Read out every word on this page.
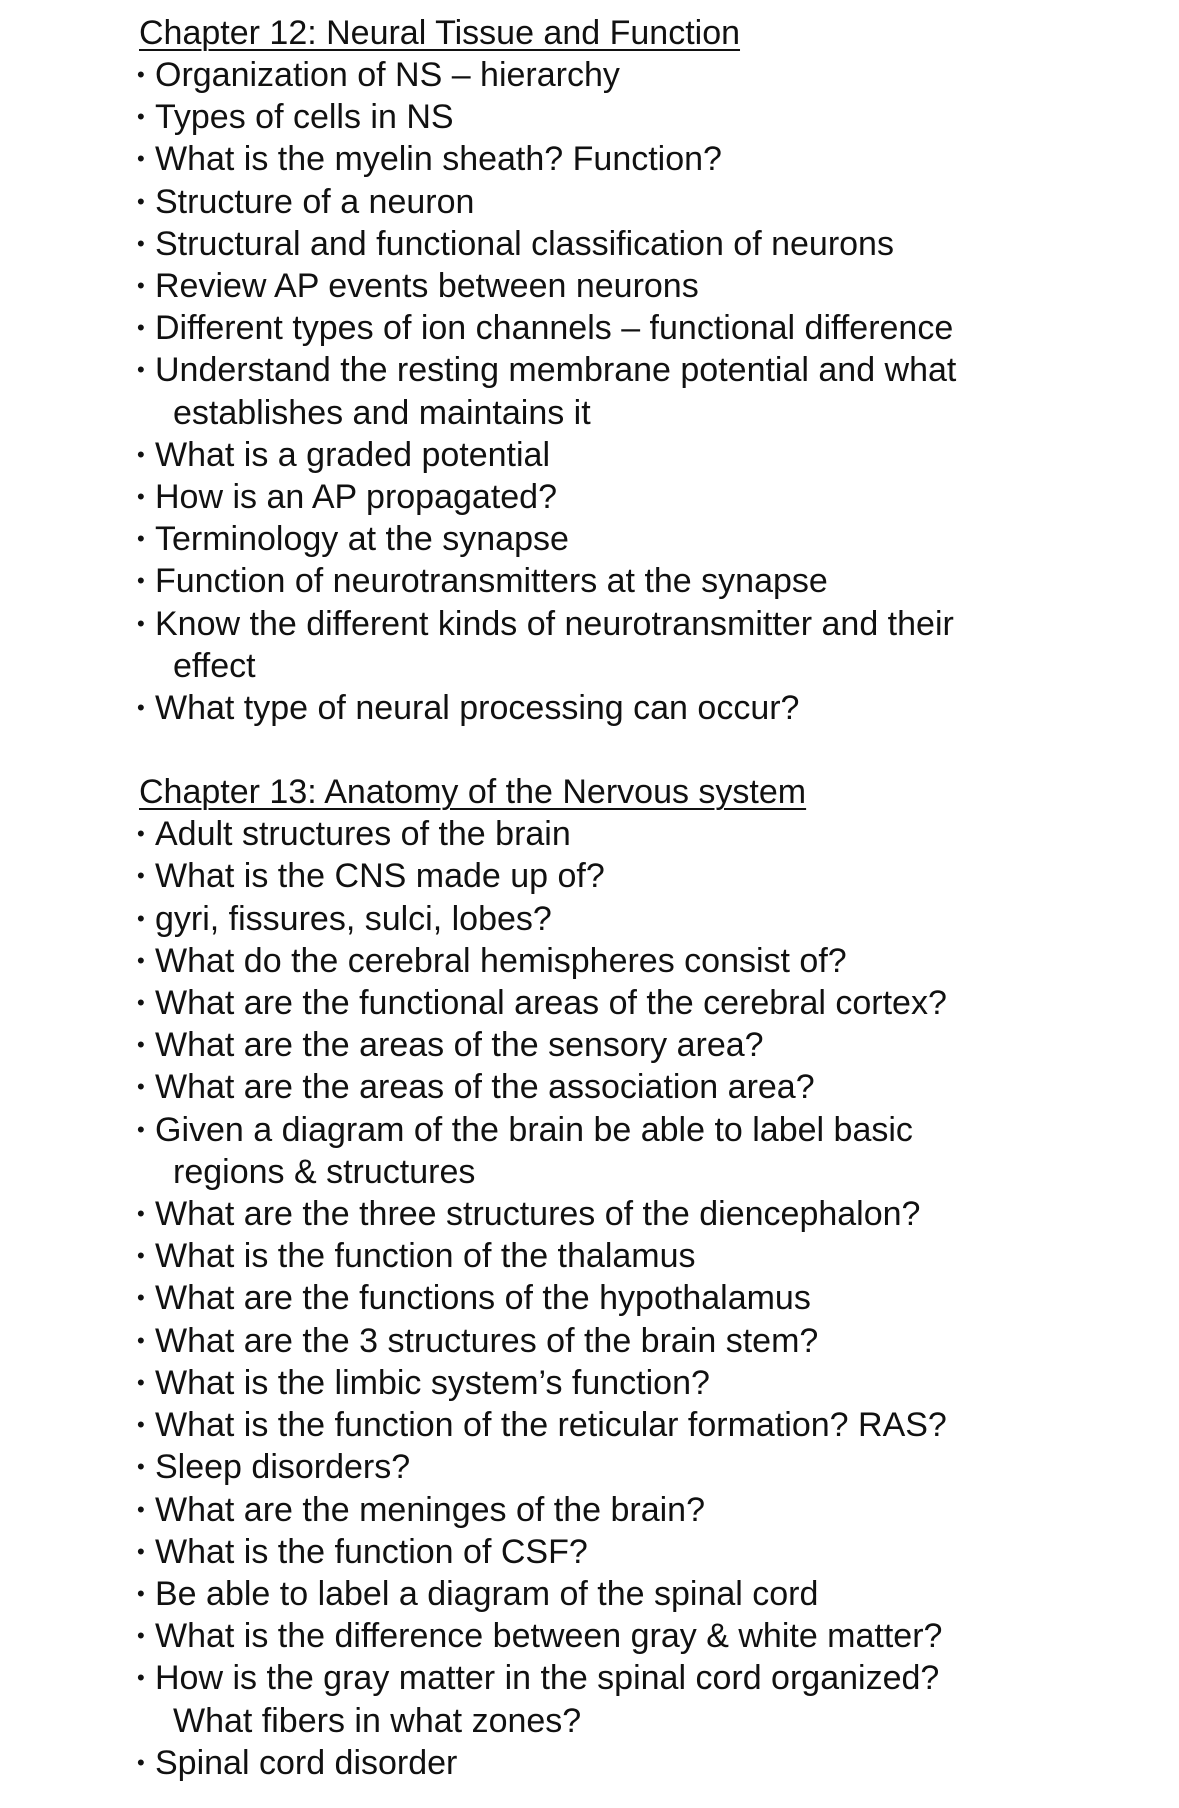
Chapter 12: Neural Tissue and Function
• Organization of NS – hierarchy
• Types of cells in NS
• What is the myelin sheath? Function?
• Structure of a neuron
• Structural and functional classification of neurons
• Review AP events between neurons
• Different types of ion channels – functional difference
• Understand the resting membrane potential and what
establishes and maintains it
• What is a graded potential
• How is an AP propagated?
• Terminology at the synapse
• Function of neurotransmitters at the synapse
• Know the different kinds of neurotransmitter and their
effect
• What type of neural processing can occur?
Chapter 13: Anatomy of the Nervous system
• Adult structures of the brain
• What is the CNS made up of?
• gyri, fissures, sulci, lobes?
• What do the cerebral hemispheres consist of?
• What are the functional areas of the cerebral cortex?
• What are the areas of the sensory area?
• What are the areas of the association area?
• Given a diagram of the brain be able to label basic
regions & structures
• What are the three structures of the diencephalon?
• What is the function of the thalamus
• What are the functions of the hypothalamus
• What are the 3 structures of the brain stem?
• What is the limbic system’s function?
• What is the function of the reticular formation? RAS?
• Sleep disorders?
• What are the meninges of the brain?
• What is the function of CSF?
• Be able to label a diagram of the spinal cord
• What is the difference between gray & white matter?
• How is the gray matter in the spinal cord organized?
What fibers in what zones?
• Spinal cord disorder
